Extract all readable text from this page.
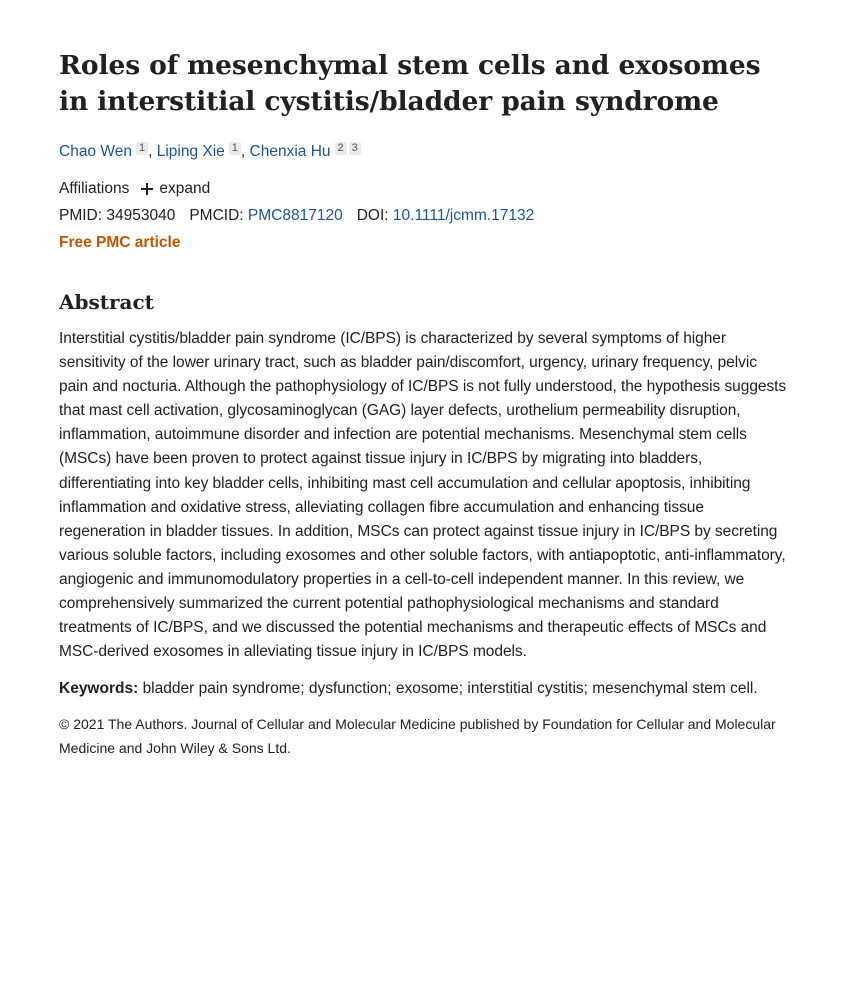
Roles of mesenchymal stem cells and exosomes in interstitial cystitis/bladder pain syndrome
Chao Wen 1 , Liping Xie 1 , Chenxia Hu 2 3
Affiliations expand
PMID: 34953040 PMCID: PMC8817120 DOI: 10.1111/jcmm.17132
Free PMC article
Abstract

Interstitial cystitis/bladder pain syndrome (IC/BPS) is characterized by several symptoms of higher sensitivity of the lower urinary tract, such as bladder pain/discomfort, urgency, urinary frequency, pelvic pain and nocturia. Although the pathophysiology of IC/BPS is not fully understood, the hypothesis suggests that mast cell activation, glycosaminoglycan (GAG) layer defects, urothelium permeability disruption, inflammation, autoimmune disorder and infection are potential mechanisms. Mesenchymal stem cells (MSCs) have been proven to protect against tissue injury in IC/BPS by migrating into bladders, differentiating into key bladder cells, inhibiting mast cell accumulation and cellular apoptosis, inhibiting inflammation and oxidative stress, alleviating collagen fibre accumulation and enhancing tissue regeneration in bladder tissues. In addition, MSCs can protect against tissue injury in IC/BPS by secreting various soluble factors, including exosomes and other soluble factors, with antiapoptotic, anti-inflammatory, angiogenic and immunomodulatory properties in a cell-to-cell independent manner. In this review, we comprehensively summarized the current potential pathophysiological mechanisms and standard treatments of IC/BPS, and we discussed the potential mechanisms and therapeutic effects of MSCs and MSC-derived exosomes in alleviating tissue injury in IC/BPS models.

Keywords: bladder pain syndrome; dysfunction; exosome; interstitial cystitis; mesenchymal stem cell.

© 2021 The Authors. Journal of Cellular and Molecular Medicine published by Foundation for Cellular and Molecular Medicine and John Wiley & Sons Ltd.
